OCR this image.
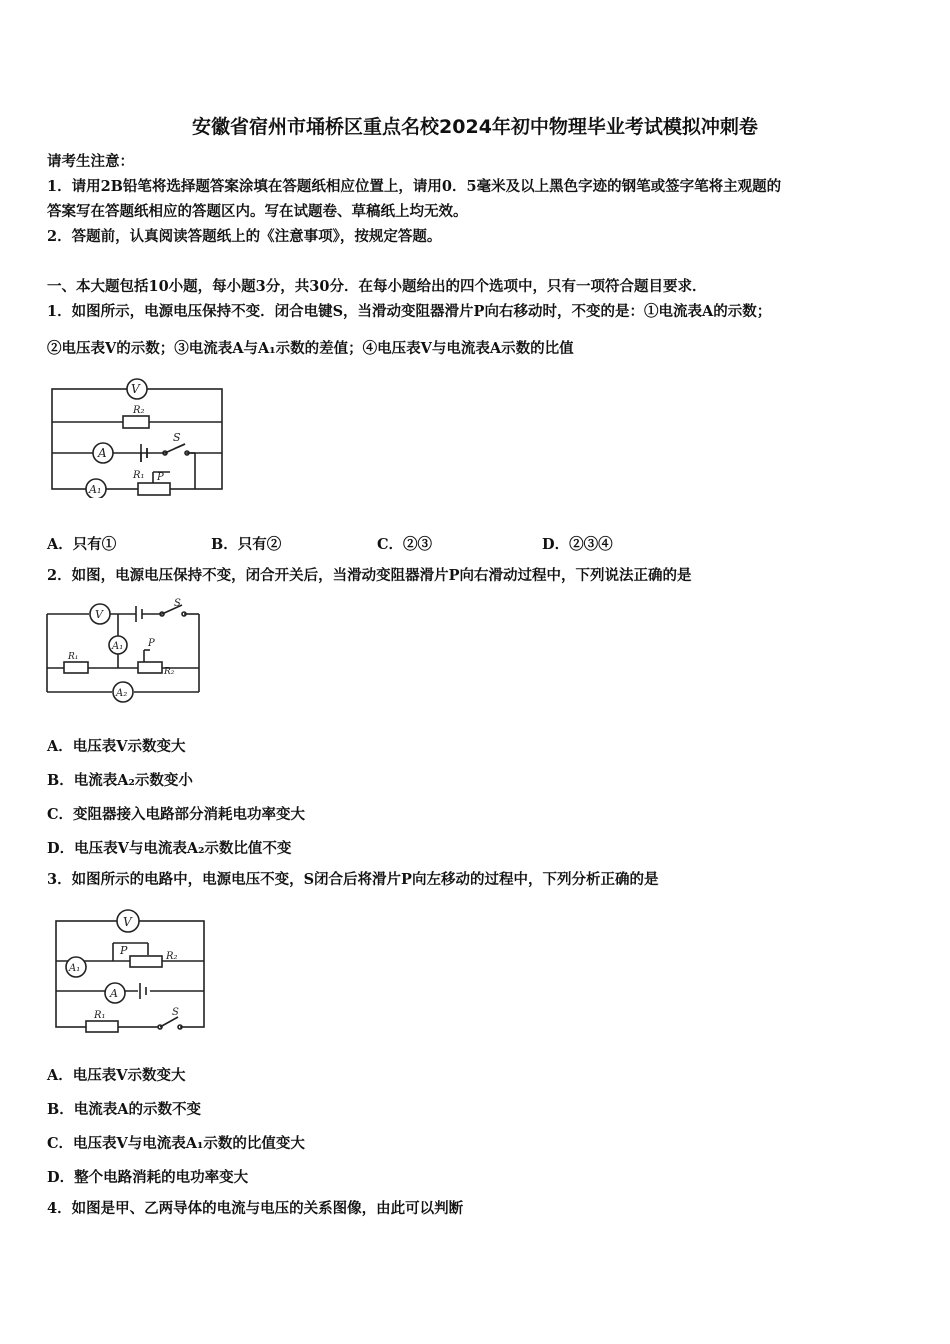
安徽省宿州市埇桥区重点名校2024年初中物理毕业考试模拟冲刺卷
请考生注意：
1．请用2B铅笔将选择题答案涂填在答题纸相应位置上，请用0．5毫米及以上黑色字迹的钢笔或签字笔将主观题的
答案写在答题纸相应的答题区内。写在试题卷、草稿纸上均无效。
2．答题前，认真阅读答题纸上的《注意事项》，按规定答题。
一、本大题包括10小题，每小题3分，共30分．在每小题给出的四个选项中，只有一项符合题目要求．
1．如图所示，电源电压保持不变．闭合电键S，当滑动变阻器滑片P向右移动时，不变的是：①电流表A的示数；
②电压表V的示数；③电流表A与A₁示数的差值；④电压表V与电流表A示数的比值
V
R₂
A
S
A₁
R₁ P
A．只有①	B．只有②	C．②③	D．②③④
2．如图，电源电压保持不变，闭合开关后，当滑动变阻器滑片P向右滑动过程中，下列说法正确的是
V
A₁
S
R₁
P
R₂
A₂
A．电压表V示数变大
B．电流表A₂示数变小
C．变阻器接入电路部分消耗电功率变大
D．电压表V与电流表A₂示数比值不变
3．如图所示的电路中，电源电压不变，S闭合后将滑片P向左移动的过程中，下列分析正确的是
V
A₁
P	R₂
A
R₁	S
A．电压表V示数变大
B．电流表A的示数不变
C．电压表V与电流表A₁示数的比值变大
D．整个电路消耗的电功率变大
4．如图是甲、乙两导体的电流与电压的关系图像，由此可以判断
